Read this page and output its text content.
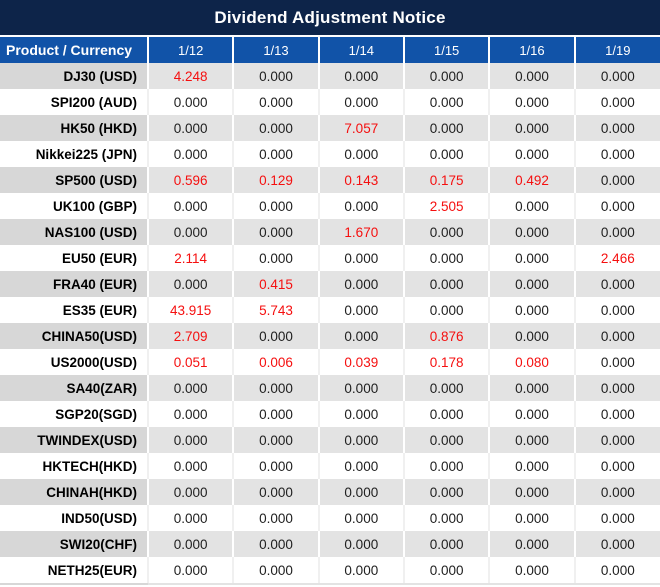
Dividend Adjustment Notice
Product / Currency	1/12	1/13	1/14	1/15	1/16	1/19
DJ30 (USD)	4.248	0.000	0.000	0.000	0.000	0.000
SPI200 (AUD)	0.000	0.000	0.000	0.000	0.000	0.000
HK50 (HKD)	0.000	0.000	7.057	0.000	0.000	0.000
Nikkei225 (JPN)	0.000	0.000	0.000	0.000	0.000	0.000
SP500 (USD)	0.596	0.129	0.143	0.175	0.492	0.000
UK100 (GBP)	0.000	0.000	0.000	2.505	0.000	0.000
NAS100 (USD)	0.000	0.000	1.670	0.000	0.000	0.000
EU50 (EUR)	2.114	0.000	0.000	0.000	0.000	2.466
FRA40 (EUR)	0.000	0.415	0.000	0.000	0.000	0.000
ES35 (EUR)	43.915	5.743	0.000	0.000	0.000	0.000
CHINA50(USD)	2.709	0.000	0.000	0.876	0.000	0.000
US2000(USD)	0.051	0.006	0.039	0.178	0.080	0.000
SA40(ZAR)	0.000	0.000	0.000	0.000	0.000	0.000
SGP20(SGD)	0.000	0.000	0.000	0.000	0.000	0.000
TWINDEX(USD)	0.000	0.000	0.000	0.000	0.000	0.000
HKTECH(HKD)	0.000	0.000	0.000	0.000	0.000	0.000
CHINAH(HKD)	0.000	0.000	0.000	0.000	0.000	0.000
IND50(USD)	0.000	0.000	0.000	0.000	0.000	0.000
SWI20(CHF)	0.000	0.000	0.000	0.000	0.000	0.000
NETH25(EUR)	0.000	0.000	0.000	0.000	0.000	0.000
